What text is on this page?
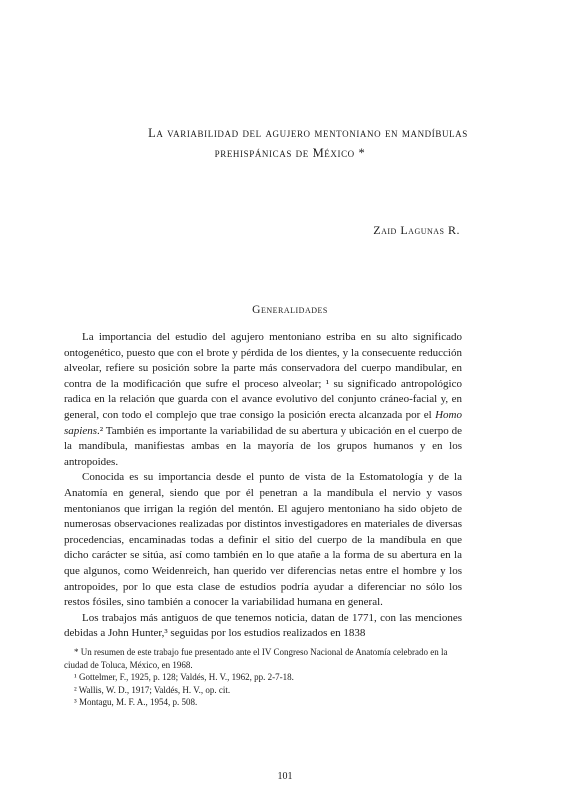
La variabilidad del agujero mentoniano en mandíbulas
prehispánicas de México *
Zaid Lagunas R.
Generalidades

La importancia del estudio del agujero mentoniano estriba en su alto significado ontogenético, puesto que con el brote y pérdida de los dientes, y la consecuente reducción alveolar, refiere su posición sobre la parte más conservadora del cuerpo mandibular, en contra de la modificación que sufre el proceso alveolar; ¹ su significado antropológico radica en la relación que guarda con el avance evolutivo del conjunto cráneo-facial y, en general, con todo el complejo que trae consigo la posición erecta alcanzada por el Homo sapiens.² También es importante la variabilidad de su abertura y ubicación en el cuerpo de la mandíbula, manifiestas ambas en la mayoría de los grupos humanos y en los antropoides.

Conocida es su importancia desde el punto de vista de la Estomatología y de la Anatomía en general, siendo que por él penetran a la mandíbula el nervio y vasos mentonianos que irrigan la región del mentón. El agujero mentoniano ha sido objeto de numerosas observaciones realizadas por distintos investigadores en materiales de diversas procedencias, encaminadas todas a definir el sitio del cuerpo de la mandíbula en que dicho carácter se sitúa, así como también en lo que atañe a la forma de su abertura en la que algunos, como Weidenreich, han querido ver diferencias netas entre el hombre y los antropoides, por lo que esta clase de estudios podría ayudar a diferenciar no sólo los restos fósiles, sino también a conocer la variabilidad humana en general.

Los trabajos más antiguos de que tenemos noticia, datan de 1771, con las menciones debidas a John Hunter,³ seguidas por los estudios realizados en 1838

* Un resumen de este trabajo fue presentado ante el IV Congreso Nacional de Anatomía celebrado en la ciudad de Toluca, México, en 1968.

¹ Gottelmer, F., 1925, p. 128; Valdés, H. V., 1962, pp. 2-7-18.

² Wallis, W. D., 1917; Valdés, H. V., op. cit.

³ Montagu, M. F. A., 1954, p. 508.

101
